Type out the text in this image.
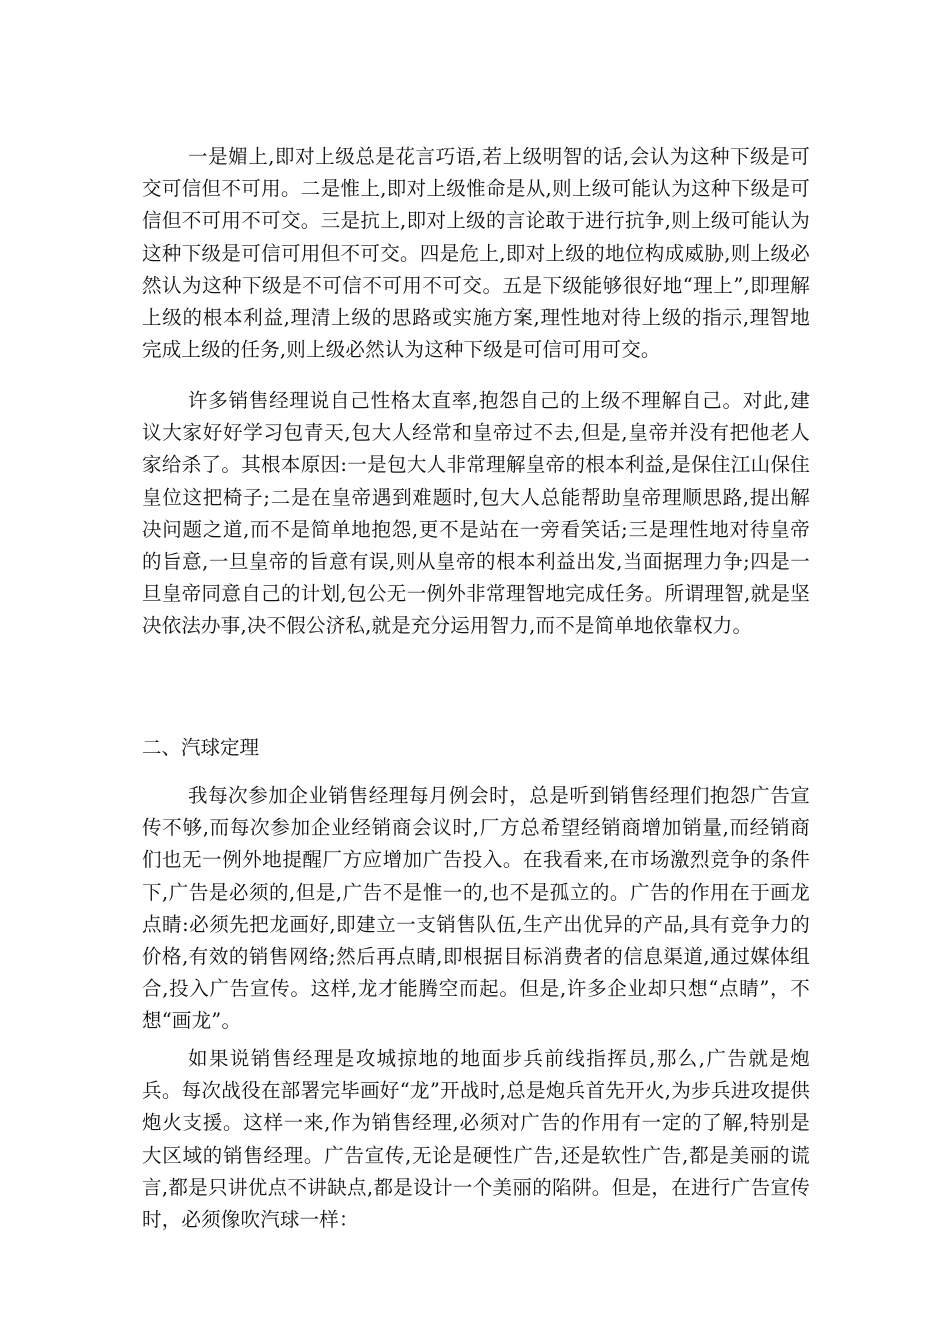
一是媚上,即对上级总是花言巧语,若上级明智的话,会认为这种下级是可交可信但不可用。二是惟上,即对上级惟命是从,则上级可能认为这种下级是可信但不可用不可交。三是抗上,即对上级的言论敢于进行抗争,则上级可能认为这种下级是可信可用但不可交。四是危上,即对上级的地位构成威胁,则上级必然认为这种下级是不可信不可用不可交。五是下级能够很好地“理上”,即理解上级的根本利益,理清上级的思路或实施方案,理性地对待上级的指示,理智地完成上级的任务,则上级必然认为这种下级是可信可用可交。

许多销售经理说自己性格太直率,抱怨自己的上级不理解自己。对此,建议大家好好学习包青天,包大人经常和皇帝过不去,但是,皇帝并没有把他老人家给杀了。其根本原因:一是包大人非常理解皇帝的根本利益,是保住江山保住皇位这把椅子;二是在皇帝遇到难题时,包大人总能帮助皇帝理顺思路,提出解决问题之道,而不是简单地抱怨,更不是站在一旁看笑话;三是理性地对待皇帝的旨意,一旦皇帝的旨意有误,则从皇帝的根本利益出发,当面据理力争;四是一旦皇帝同意自己的计划,包公无一例外非常理智地完成任务。所谓理智,就是坚决依法办事,决不假公济私,就是充分运用智力,而不是简单地依靠权力。

二、汽球定理

我每次参加企业销售经理每月例会时，总是听到销售经理们抱怨广告宣传不够,而每次参加企业经销商会议时,厂方总希望经销商增加销量,而经销商们也无一例外地提醒厂方应增加广告投入。在我看来,在市场激烈竞争的条件下,广告是必须的,但是,广告不是惟一的,也不是孤立的。广告的作用在于画龙点睛:必须先把龙画好,即建立一支销售队伍,生产出优异的产品,具有竞争力的价格,有效的销售网络;然后再点睛,即根据目标消费者的信息渠道,通过媒体组合,投入广告宣传。这样,龙才能腾空而起。但是,许多企业却只想“点睛”，不想“画龙”。

如果说销售经理是攻城掠地的地面步兵前线指挥员,那么,广告就是炮兵。每次战役在部署完毕画好“龙”开战时,总是炮兵首先开火,为步兵进攻提供炮火支援。这样一来,作为销售经理,必须对广告的作用有一定的了解,特别是大区域的销售经理。广告宣传,无论是硬性广告,还是软性广告,都是美丽的谎言,都是只讲优点不讲缺点,都是设计一个美丽的陷阱。但是，在进行广告宣传时，必须像吹汽球一样：
